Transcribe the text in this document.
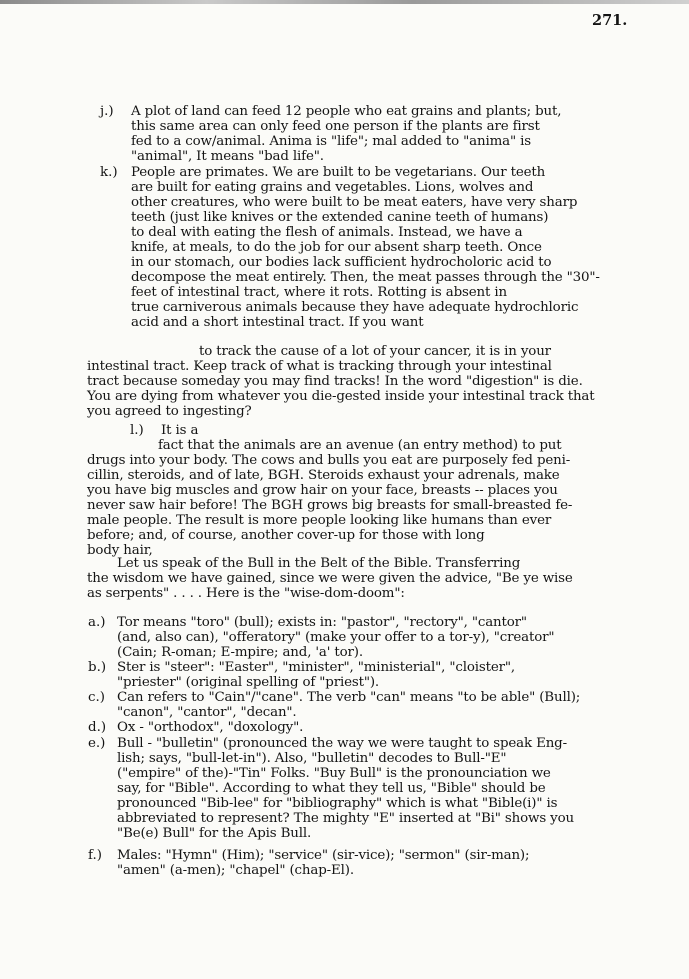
271.
j.) A plot of land can feed 12 people who eat grains and plants; but,
this same area can only feed one person if the plants are first
fed to a cow/animal. Anima is "life"; mal added to "anima" is
"animal", It means "bad life".
k.) People are primates. We are built to be vegetarians. Our teeth
are built for eating grains and vegetables. Lions, wolves and
other creatures, who were built to be meat eaters, have very sharp
teeth (just like knives or the extended canine teeth of humans)
to deal with eating the flesh of animals. Instead, we have a
knife, at meals, to do the job for our absent sharp teeth. Once
in our stomach, our bodies lack sufficient hydrocholoric acid to
decompose the meat entirely. Then, the meat passes through the "30"-
feet of intestinal tract, where it rots. Rotting is absent in
true carniverous animals because they have adequate hydrochloric
acid and a short intestinal tract. If you want
to track the cause of a lot of your cancer, it is in your
intestinal tract. Keep track of what is tracking through your intestinal
tract because someday you may find tracks! In the word "digestion" is die.
You are dying from whatever you die-gested inside your intestinal track that
you agreed to ingesting?
l.) It is a
fact that the animals are an avenue (an entry method) to put
drugs into your body. The cows and bulls you eat are purposely fed peni-
cillin, steroids, and of late, BGH. Steroids exhaust your adrenals, make
you have big muscles and grow hair on your face, breasts -- places you
never saw hair before! The BGH grows big breasts for small-breasted fe-
male people. The result is more people looking like humans than ever
before; and, of course, another cover-up for those with long
body hair,
Let us speak of the Bull in the Belt of the Bible. Transferring
the wisdom we have gained, since we were given the advice, "Be ye wise
as serpents" . . . . Here is the "wise-dom-doom":
a.) Tor means "toro" (bull); exists in: "pastor", "rectory", "cantor"
(and, also can), "offeratory" (make your offer to a tor-y), "creator"
(Cain; R-oman; E-mpire; and, 'a' tor).
b.) Ster is "steer": "Easter", "minister", "ministerial", "cloister",
"priester" (original spelling of "priest").
c.) Can refers to "Cain"/"cane". The verb "can" means "to be able" (Bull);
"canon", "cantor", "decan".
d.) Ox - "orthodox", "doxology".
e.) Bull - "bulletin" (pronounced the way we were taught to speak Eng-
lish; says, "bull-let-in"). Also, "bulletin" decodes to Bull-"E"
("empire" of the)-"Tin" Folks. "Buy Bull" is the pronounciation we
say, for "Bible". According to what they tell us, "Bible" should be
pronounced "Bib-lee" for "bibliography" which is what "Bible(i)" is
abbreviated to represent? The mighty "E" inserted at "Bi" shows you
"Be(e) Bull" for the Apis Bull.
f.) Males: "Hymn" (Him); "service" (sir-vice); "sermon" (sir-man);
"amen" (a-men); "chapel" (chap-El).
